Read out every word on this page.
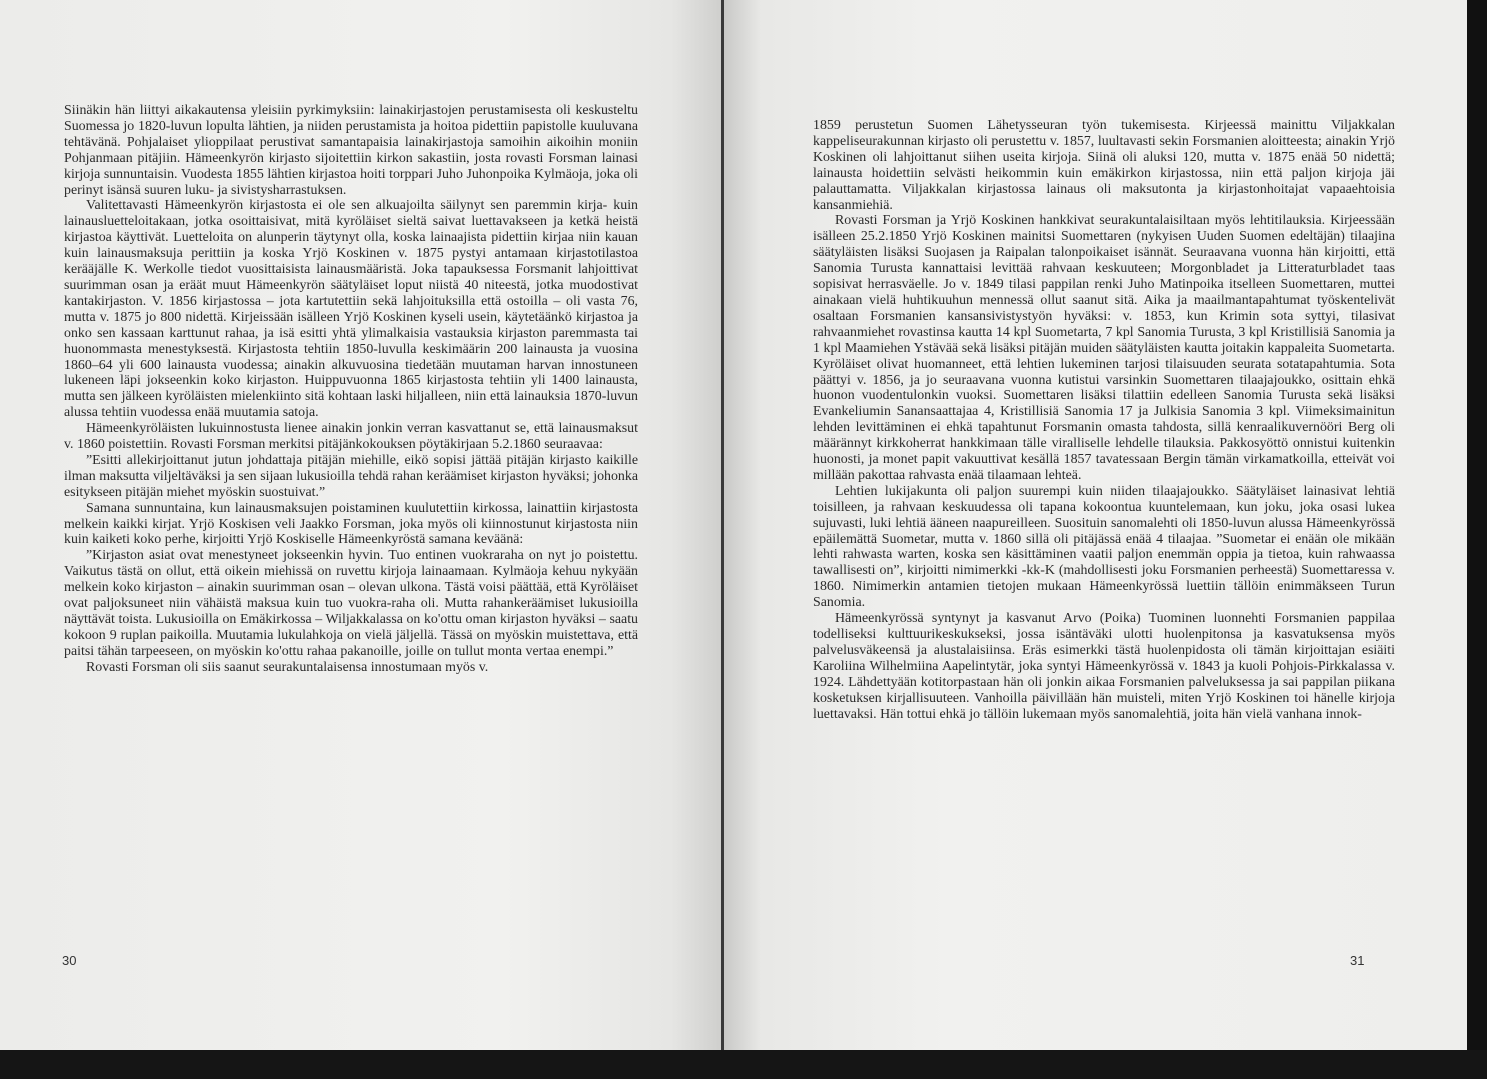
Siinäkin hän liittyi aikakautensa yleisiin pyrkimyksiin: lainakirjastojen perustamisesta oli keskusteltu Suomessa jo 1820-luvun lopulta lähtien, ja niiden perustamista ja hoitoa pidettiin papistolle kuuluvana tehtävänä. Pohjalaiset ylioppilaat perustivat samantapaisia lainakirjastoja samoihin aikoihin moniin Pohjanmaan pitäjiin. Hämeenkyrön kirjasto sijoitettiin kirkon sakastiin, josta rovasti Forsman lainasi kirjoja sunnuntaisin. Vuodesta 1855 lähtien kirjastoa hoiti torppari Juho Juhonpoika Kylmäoja, joka oli perinyt isänsä suuren luku- ja sivistysharrastuksen.

Valitettavasti Hämeenkyrön kirjastosta ei ole sen alkuajoilta säilynyt sen paremmin kirja- kuin lainausluetteloitakaan, jotka osoittaisivat, mitä kyröläiset sieltä saivat luettavakseen ja ketkä heistä kirjastoa käyttivät. Luetteloita on alunperin täytynyt olla, koska lainaajista pidettiin kirjaa niin kauan kuin lainausmaksuja perittiin ja koska Yrjö Koskinen v. 1875 pystyi antamaan kirjastotilastoa kerääjälle K. Werkolle tiedot vuosittaisista lainausmääristä. Joka tapauksessa Forsmanit lahjoittivat suurimman osan ja eräät muut Hämeenkyrön säätyläiset loput niistä 40 niteestä, jotka muodostivat kantakirjaston. V. 1856 kirjastossa – jota kartutettiin sekä lahjoituksilla että ostoilla – oli vasta 76, mutta v. 1875 jo 800 nidettä. Kirjeissään isälleen Yrjö Koskinen kyseli usein, käytetäänkö kirjastoa ja onko sen kassaan karttunut rahaa, ja isä esitti yhtä ylimalkaisia vastauksia kirjaston paremmasta tai huonommasta menestyksestä. Kirjastosta tehtiin 1850-luvulla keskimäärin 200 lainausta ja vuosina 1860–64 yli 600 lainausta vuodessa; ainakin alkuvuosina tiedetään muutaman harvan innostuneen lukeneen läpi jokseenkin koko kirjaston. Huippuvuonna 1865 kirjastosta tehtiin yli 1400 lainausta, mutta sen jälkeen kyröläisten mielenkiinto sitä kohtaan laski hiljalleen, niin että lainauksia 1870-luvun alussa tehtiin vuodessa enää muutamia satoja.

Hämeenkyröläisten lukuinnostusta lienee ainakin jonkin verran kasvattanut se, että lainausmaksut v. 1860 poistettiin. Rovasti Forsman merkitsi pitäjänkokouksen pöytäkirjaan 5.2.1860 seuraavaa:

”Esitti allekirjoittanut jutun johdattaja pitäjän miehille, eikö sopisi jättää pitäjän kirjasto kaikille ilman maksutta viljeltäväksi ja sen sijaan lukusioilla tehdä rahan keräämiset kirjaston hyväksi; johonka esitykseen pitäjän miehet myöskin suostuivat.”

Samana sunnuntaina, kun lainausmaksujen poistaminen kuulutettiin kirkossa, lainattiin kirjastosta melkein kaikki kirjat. Yrjö Koskisen veli Jaakko Forsman, joka myös oli kiinnostunut kirjastosta niin kuin kaiketi koko perhe, kirjoitti Yrjö Koskiselle Hämeenkyröstä samana keväänä:

”Kirjaston asiat ovat menestyneet jokseenkin hyvin. Tuo entinen vuokraraha on nyt jo poistettu. Vaikutus tästä on ollut, että oikein miehissä on ruvettu kirjoja lainaamaan. Kylmäoja kehuu nykyään melkein koko kirjaston – ainakin suurimman osan – olevan ulkona. Tästä voisi päättää, että Kyröläiset ovat paljoksuneet niin vähäistä maksua kuin tuo vuokra-raha oli. Mutta rahankeräämiset lukusioilla näyttävät toista. Lukusioilla on Emäkirkossa – Wiljakkalassa on ko'ottu oman kirjaston hyväksi – saatu kokoon 9 ruplan paikoilla. Muutamia lukulahkoja on vielä jäljellä. Tässä on myöskin muistettava, että paitsi tähän tarpeeseen, on myöskin ko'ottu rahaa pakanoille, joille on tullut monta vertaa enempi.”

Rovasti Forsman oli siis saanut seurakuntalaisensa innostumaan myös v.

30

1859 perustetun Suomen Lähetysseuran työn tukemisesta. Kirjeessä mainittu Viljakkalan kappeliseurakunnan kirjasto oli perustettu v. 1857, luultavasti sekin Forsmanien aloitteesta; ainakin Yrjö Koskinen oli lahjoittanut siihen useita kirjoja. Siinä oli aluksi 120, mutta v. 1875 enää 50 nidettä; lainausta hoidettiin selvästi heikommin kuin emäkirkon kirjastossa, niin että paljon kirjoja jäi palauttamatta. Viljakkalan kirjastossa lainaus oli maksutonta ja kirjastonhoitajat vapaaehtoisia kansanmiehiä.

Rovasti Forsman ja Yrjö Koskinen hankkivat seurakuntalaisiltaan myös lehtitilauksia. Kirjeessään isälleen 25.2.1850 Yrjö Koskinen mainitsi Suomettaren (nykyisen Uuden Suomen edeltäjän) tilaajina säätyläisten lisäksi Suojasen ja Raipalan talonpoikaiset isännät. Seuraavana vuonna hän kirjoitti, että Sanomia Turusta kannattaisi levittää rahvaan keskuuteen; Morgonbladet ja Litteraturbladet taas sopisivat herrasväelle. Jo v. 1849 tilasi pappilan renki Juho Matinpoika itselleen Suomettaren, muttei ainakaan vielä huhtikuuhun mennessä ollut saanut sitä. Aika ja maailmantapahtumat työskentelivät osaltaan Forsmanien kansansivistystyön hyväksi: v. 1853, kun Krimin sota syttyi, tilasivat rahvaanmiehet rovastinsa kautta 14 kpl Suometarta, 7 kpl Sanomia Turusta, 3 kpl Kristillisiä Sanomia ja 1 kpl Maamiehen Ystävää sekä lisäksi pitäjän muiden säätyläisten kautta joitakin kappaleita Suometarta. Kyröläiset olivat huomanneet, että lehtien lukeminen tarjosi tilaisuuden seurata sotatapahtumia. Sota päättyi v. 1856, ja jo seuraavana vuonna kutistui varsinkin Suomettaren tilaajajoukko, osittain ehkä huonon vuodentulonkin vuoksi. Suomettaren lisäksi tilattiin edelleen Sanomia Turusta sekä lisäksi Evankeliumin Sanansaattajaa 4, Kristillisiä Sanomia 17 ja Julkisia Sanomia 3 kpl. Viimeksimainitun lehden levittäminen ei ehkä tapahtunut Forsmanin omasta tahdosta, sillä kenraalikuvernööri Berg oli määrännyt kirkkoherrat hankkimaan tälle viralliselle lehdelle tilauksia. Pakkosyöttö onnistui kuitenkin huonosti, ja monet papit vakuuttivat kesällä 1857 tavatessaan Bergin tämän virkamatkoilla, etteivät voi millään pakottaa rahvasta enää tilaamaan lehteä.

Lehtien lukijakunta oli paljon suurempi kuin niiden tilaajajoukko. Säätyläiset lainasivat lehtiä toisilleen, ja rahvaan keskuudessa oli tapana kokoontua kuuntelemaan, kun joku, joka osasi lukea sujuvasti, luki lehtiä ääneen naapureilleen. Suosituin sanomalehti oli 1850-luvun alussa Hämeenkyrössä epäilemättä Suometar, mutta v. 1860 sillä oli pitäjässä enää 4 tilaajaa. ”Suometar ei enään ole mikään lehti rahwasta warten, koska sen käsittäminen vaatii paljon enemmän oppia ja tietoa, kuin rahwaassa tawallisesti on”, kirjoitti nimimerkki -kk-K (mahdollisesti joku Forsmanien perheestä) Suomettaressa v. 1860. Nimimerkin antamien tietojen mukaan Hämeenkyrössä luettiin tällöin enimmäkseen Turun Sanomia.

Hämeenkyrössä syntynyt ja kasvanut Arvo (Poika) Tuominen luonnehti Forsmanien pappilaa todelliseksi kulttuurikeskukseksi, jossa isäntäväki ulotti huolenpitonsa ja kasvatuksensa myös palvelusväkeensä ja alustalaisiinsa. Eräs esimerkki tästä huolenpidosta oli tämän kirjoittajan esiäiti Karoliina Wilhelmiina Aapelintytär, joka syntyi Hämeenkyrössä v. 1843 ja kuoli Pohjois-Pirkkalassa v. 1924. Lähdettyään kotitorpastaan hän oli jonkin aikaa Forsmanien palveluksessa ja sai pappilan piikana kosketuksen kirjallisuuteen. Vanhoilla päivillään hän muisteli, miten Yrjö Koskinen toi hänelle kirjoja luettavaksi. Hän tottui ehkä jo tällöin lukemaan myös sanomalehtiä, joita hän vielä vanhana innok-

31
